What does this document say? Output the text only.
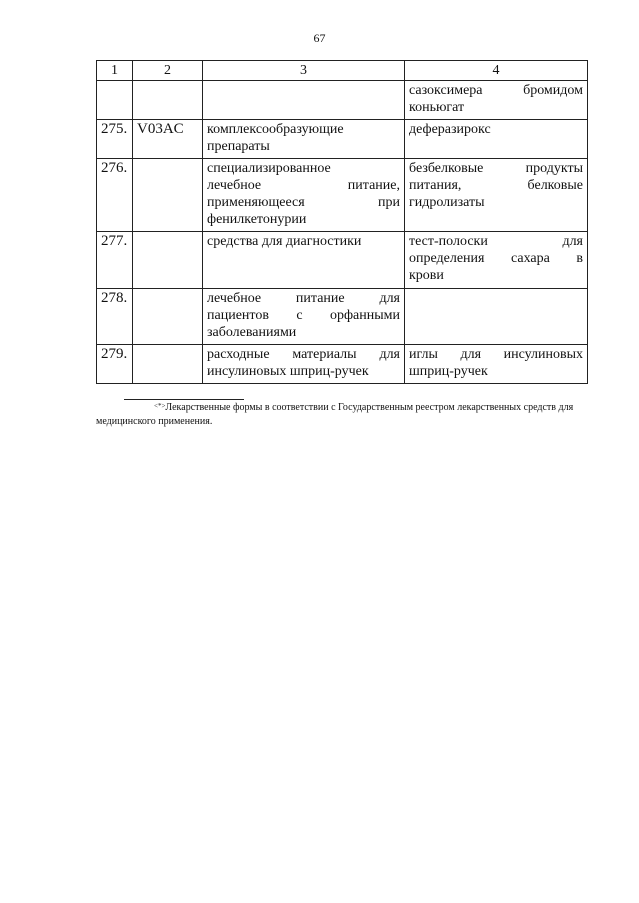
67
1	2	3	4

			сазоксимера бромидом
коньюгат

275.	V03AC	комплексообразующие
препараты	деферазирокс

276.		специализированное
лечебное питание,
применяющееся при
фенилкетонурии	безбелковые продукты
питания, белковые
гидролизаты

277.		средства для диагностики	тест-полоски для
определения сахара в
крови

278.		лечебное питание для
пациентов с орфанными
заболеваниями	

279.		расходные материалы для
инсулиновых шприц-ручек	иглы для инсулиновых
шприц-ручек
<*>Лекарственные формы в соответствии с Государственным реестром лекарственных средств для
медицинского применения.
